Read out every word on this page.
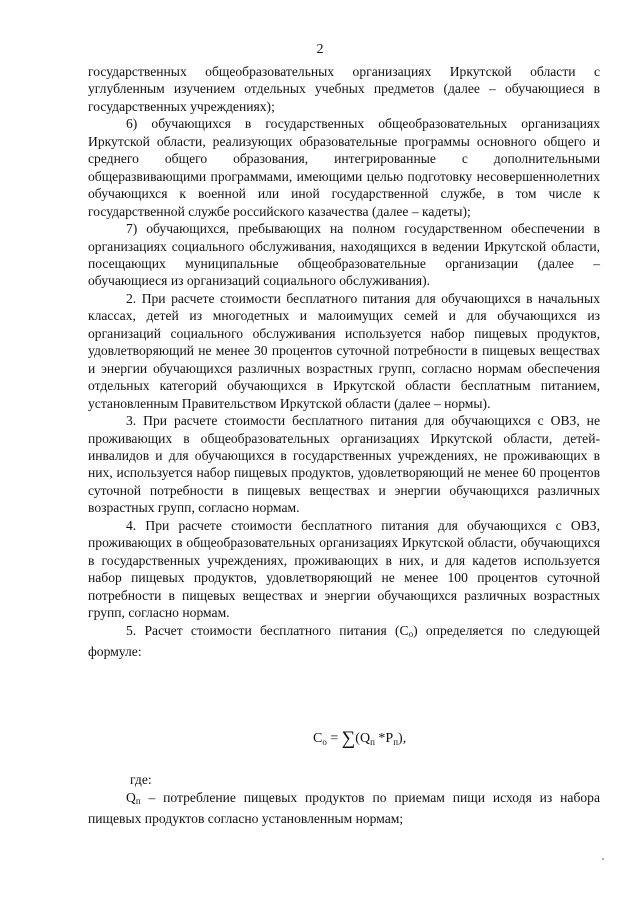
2

государственных общеобразовательных организациях Иркутской области с углубленным изучением отдельных учебных предметов (далее – обучающиеся в государственных учреждениях);

6) обучающихся в государственных общеобразовательных организациях Иркутской области, реализующих образовательные программы основного общего и среднего общего образования, интегрированные с дополнительными общеразвивающими программами, имеющими целью подготовку несовершеннолетних обучающихся к военной или иной государственной службе, в том числе к государственной службе российского казачества (далее – кадеты);

7) обучающихся, пребывающих на полном государственном обеспечении в организациях социального обслуживания, находящихся в ведении Иркутской области, посещающих муниципальные общеобразовательные организации (далее – обучающиеся из организаций социального обслуживания).

2. При расчете стоимости бесплатного питания для обучающихся в начальных классах, детей из многодетных и малоимущих семей и для обучающихся из организаций социального обслуживания используется набор пищевых продуктов, удовлетворяющий не менее 30 процентов суточной потребности в пищевых веществах и энергии обучающихся различных возрастных групп, согласно нормам обеспечения отдельных категорий обучающихся в Иркутской области бесплатным питанием, установленным Правительством Иркутской области (далее – нормы).

3. При расчете стоимости бесплатного питания для обучающихся с ОВЗ, не проживающих в общеобразовательных организациях Иркутской области, детей-инвалидов и для обучающихся в государственных учреждениях, не проживающих в них, используется набор пищевых продуктов, удовлетворяющий не менее 60 процентов суточной потребности в пищевых веществах и энергии обучающихся различных возрастных групп, согласно нормам.

4. При расчете стоимости бесплатного питания для обучающихся с ОВЗ, проживающих в общеобразовательных организациях Иркутской области, обучающихся в государственных учреждениях, проживающих в них, и для кадетов используется набор пищевых продуктов, удовлетворяющий не менее 100 процентов суточной потребности в пищевых веществах и энергии обучающихся различных возрастных групп, согласно нормам.

5. Расчет стоимости бесплатного питания $(С_о)$ определяется по следующей формуле:

$С_о = \sum(Q_п$ $*Р_п$),
где:

$Q_п$ – потребление пищевых продуктов по приемам пищи исходя из набора пищевых продуктов согласно установленным нормам;
